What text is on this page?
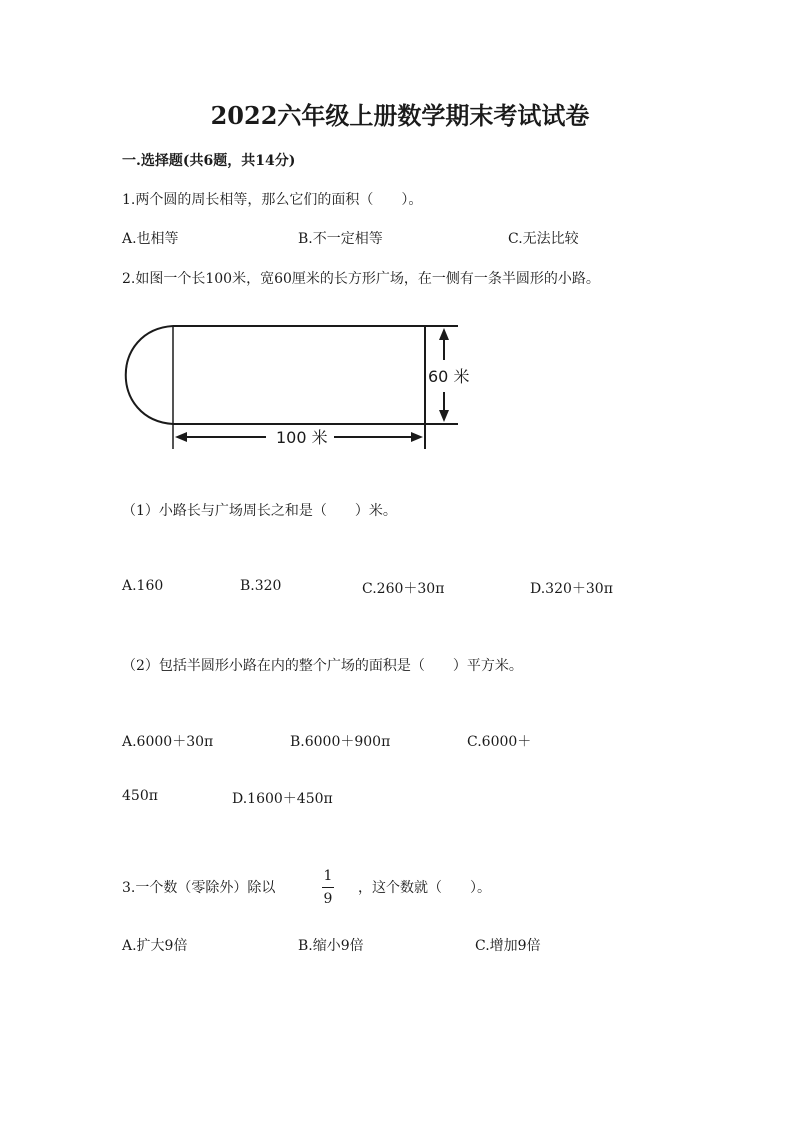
2022六年级上册数学期末考试试卷
一.选择题(共6题，共14分)
1.两个圆的周长相等，那么它们的面积（　　）。
A.也相等	B.不一定相等	C.无法比较
2.如图一个长100米，宽60厘米的长方形广场，在一侧有一条半圆形的小路。
60 米
100 米
（1）小路长与广场周长之和是（　　）米。
A.160	B.320	C.260＋30π	D.320＋30π
（2）包括半圆形小路在内的整个广场的面积是（　　）平方米。
A.6000＋30π	B.6000＋900π	C.6000＋
450π	D.1600＋450π
3.一个数（零除外）除以
1
9
，这个数就（　　）。
A.扩大9倍	B.缩小9倍	C.增加9倍
